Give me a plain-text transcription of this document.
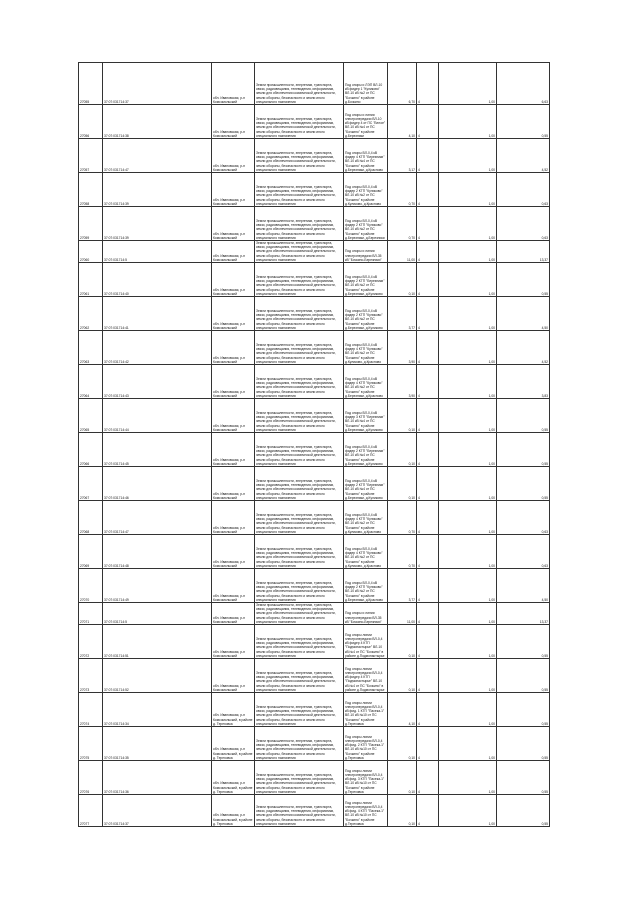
27055	37:07:031714:37	обл. Ивановская, р-н Комсомольский	Земли промышленности, энергетики, транспорта, связи, радиовещания, телевидения, информатики, земли для обеспечения космической деятельности, земли обороны, безопасности и земли иного специального назначения	Под опоры и ЛЭП ВЛ-10 кВ фидер 1 "Куликово" ВЛ-10 кВ №2 от ПС "Бочкино" в районе д.Бочкино	6,70	4	1,00	6,63
27056	37:07:031714:38	обл. Ивановская, р-н Комсомольский	Земли промышленности, энергетики, транспорта, связи, радиовещания, телевидения, информатики, земли для обеспечения космической деятельности, земли обороны, безопасности и земли иного специального назначения	Под опоры и линии электропередачи ВЛ-10 кВ фидер 4 от ПС "Белое" ВЛ-10 кВ №4 от ПС "Бочкино" в районе д.Березники	4,10	4	1,00	0,55
27057	37:07:031714:47	обл. Ивановская, р-н Комсомольский	Земли промышленности, энергетики, транспорта, связи, радиовещания, телевидения, информатики, земли для обеспечения космической деятельности, земли обороны, безопасности и земли иного специального назначения	Под опоры ВЛ-0,4 кВ фидер 4 КТП "Березники" ВЛ-10 кВ №4 от ПС "Бочкино" в районе д.Березники, д.Красново	3,17	4	1,00	4,52
27058	37:07:031714:39	обл. Ивановская, р-н Комсомольский	Земли промышленности, энергетики, транспорта, связи, радиовещания, телевидения, информатики, земли для обеспечения космической деятельности, земли обороны, безопасности и земли иного специального назначения	Под опоры ВЛ-0,4 кВ фидер 2 КТП "Куликово" ВЛ-10 кВ №2 от ПС "Бочкино" в районе д.Куликово, д.Красново	0,70	4	1,00	0,63
27059	37:07:031714:39	обл. Ивановская, р-н Комсомольский	Земли промышленности, энергетики, транспорта, связи, радиовещания, телевидения, информатики, земли для обеспечения космической деятельности, земли обороны, безопасности и земли иного специального назначения	Под опоры ВЛ-0,4 кВ фидер 2 КТП "Куликово" ВЛ-10 кВ №2 от ПС "Бочкино" в районе д.Березники, д.Березники	0,70	4	1,00	0,63
27060	37:07:031714:5	обл. Ивановская, р-н Комсомольский	Земли промышленности, энергетики, транспорта, связи, радиовещания, телевидения, информатики, земли для обеспечения космической деятельности, земли обороны, безопасности и земли иного специального назначения	Под опоры и линии электропередачи ВЛ-35 кВ "Бочкино-Березники"	11,00	4	1,00	13,37
27061	37:07:031714:40	обл. Ивановская, р-н Комсомольский	Земли промышленности, энергетики, транспорта, связи, радиовещания, телевидения, информатики, земли для обеспечения космической деятельности, земли обороны, безопасности и земли иного специального назначения	Под опоры ВЛ-0,4 кВ фидер 2 КТП "Березники" ВЛ-10 кВ №2 от ПС "Бочкино" в районе д.Березники, д.Куликово	0,10	4	1,00	0,55
27062	37:07:031714:41	обл. Ивановская, р-н Комсомольский	Земли промышленности, энергетики, транспорта, связи, радиовещания, телевидения, информатики, земли для обеспечения космической деятельности, земли обороны, безопасности и земли иного специального назначения	Под опоры ВЛ-0,4 кВ фидер 2 КТП "Куликово" ВЛ-10 кВ №2 от ПС "Бочкино" в районе д.Березники, д.Куликово	3,77	4	1,00	4,50
27063	37:07:031714:42	обл. Ивановская, р-н Комсомольский	Земли промышленности, энергетики, транспорта, связи, радиовещания, телевидения, информатики, земли для обеспечения космической деятельности, земли обороны, безопасности и земли иного специального назначения	Под опоры ВЛ-0,4 кВ фидер 4 КТП "Куликово" ВЛ-10 кВ №2 от ПС "Бочкино" в районе д.Куликово, д.Красново	3,90	4	1,00	4,52
27064	37:07:031714:43	обл. Ивановская, р-н Комсомольский	Земли промышленности, энергетики, транспорта, связи, радиовещания, телевидения, информатики, земли для обеспечения космической деятельности, земли обороны, безопасности и земли иного специального назначения	Под опоры ВЛ-0,4 кВ фидер 4 КТП "Куликово" ВЛ-10 кВ №2 от ПС "Бочкино" в районе д.Березники, д.Красново	3,90	4	1,00	3,83
27065	37:07:031714:44	обл. Ивановская, р-н Комсомольский	Земли промышленности, энергетики, транспорта, связи, радиовещания, телевидения, информатики, земли для обеспечения космической деятельности, земли обороны, безопасности и земли иного специального назначения	Под опоры ВЛ-0,4 кВ фидер 3 КТП "Березники" ВЛ-10 кВ №4 от ПС "Бочкино" в районе д.Березники, д.Куликово	0,10	4	1,00	0,55
27066	37:07:031714:45	обл. Ивановская, р-н Комсомольский	Земли промышленности, энергетики, транспорта, связи, радиовещания, телевидения, информатики, земли для обеспечения космической деятельности, земли обороны, безопасности и земли иного специального назначения	Под опоры ВЛ-0,4 кВ фидер 2 КТП "Березники" ВЛ-10 кВ №4 от ПС "Бочкино" в районе д.Березники, д.Куликово	0,10	4	1,00	0,55
27067	37:07:031714:46	обл. Ивановская, р-н Комсомольский	Земли промышленности, энергетики, транспорта, связи, радиовещания, телевидения, информатики, земли для обеспечения космической деятельности, земли обороны, безопасности и земли иного специального назначения	Под опоры ВЛ-0,4 кВ фидер 2 КТП "Березники" ВЛ-10 кВ №4 от ПС "Бочкино" в районе д.Березники, д.Куликово	0,10	4	1,00	0,55
27068	37:07:031714:47	обл. Ивановская, р-н Комсомольский	Земли промышленности, энергетики, транспорта, связи, радиовещания, телевидения, информатики, земли для обеспечения космической деятельности, земли обороны, безопасности и земли иного специального назначения	Под опоры ВЛ-0,4 кВ фидер 4 КТП "Куликово" ВЛ-10 кВ №2 от ПС "Бочкино" в районе д.Куликово, д.Красново	0,70	4	1,00	0,63
27069	37:07:031714:48	обл. Ивановская, р-н Комсомольский	Земли промышленности, энергетики, транспорта, связи, радиовещания, телевидения, информатики, земли для обеспечения космической деятельности, земли обороны, безопасности и земли иного специального назначения	Под опоры ВЛ-0,4 кВ фидер 4 КТП "Куликово" ВЛ-10 кВ №2 от ПС "Бочкино" в районе д.Куликово, д.Красново	0,70	4	1,00	0,63
27070	37:07:031714:49	обл. Ивановская, р-н Комсомольский	Земли промышленности, энергетики, транспорта, связи, радиовещания, телевидения, информатики, земли для обеспечения космической деятельности, земли обороны, безопасности и земли иного специального назначения	Под опоры ВЛ-0,4 кВ фидер 2 КТП "Куликово" ВЛ-10 кВ №2 от ПС "Бочкино" в районе д.Березники, д.Красново	3,77	4	1,00	4,50
27071	37:07:031714:5	обл. Ивановская, р-н Комсомольский	Земли промышленности, энергетики, транспорта, связи, радиовещания, телевидения, информатики, земли для обеспечения космической деятельности, земли обороны, безопасности и земли иного специального назначения	Под опоры и линии электропередачи ВЛ-35 кВ "Бочкино-Березники"	11,00	4	1,00	13,37
27072	37:07:031714:51	обл. Ивановская, р-н Комсомольский	Земли промышленности, энергетики, транспорта, связи, радиовещания, телевидения, информатики, земли для обеспечения космической деятельности, земли обороны, безопасности и земли иного специального назначения	Под опоры линии электропередачи ВЛ-0,4 кВ фидер 4 КТП "Подмонастырье" ВЛ-10 кВ №4 от ПС "Бочкино" в районе д.Подмонастырье	0,10	4	1,00	0,55
27073	37:07:031714:52	обл. Ивановская, р-н Комсомольский	Земли промышленности, энергетики, транспорта, связи, радиовещания, телевидения, информатики, земли для обеспечения космической деятельности, земли обороны, безопасности и земли иного специального назначения	Под опоры линии электропередачи ВЛ-0,4 кВ фидер 4 КТП "Подмонастырье" ВЛ-10 кВ №4 от ПС "Бочкино" в районе д.Подмонастырье	0,10	4	1,00	0,55
27074	37:07:031714:34	обл. Ивановская, р-н Комсомольский, в районе д. Тереховка	Земли промышленности, энергетики, транспорта, связи, радиовещания, телевидения, информатики, земли для обеспечения космической деятельности, земли обороны, безопасности и земли иного специального назначения	Под опоры линии электропередачи ВЛ-0,4 кВ фид. 1 КТП "Пасека-1" ВЛ-10 кВ №10 от ПС "Бочкино" в районе д.Тереховка	4,10	4	1,00	0,55
27075	37:07:031714:35	обл. Ивановская, р-н Комсомольский, в районе д. Тереховка	Земли промышленности, энергетики, транспорта, связи, радиовещания, телевидения, информатики, земли для обеспечения космической деятельности, земли обороны, безопасности и земли иного специального назначения	Под опоры линии электропередачи ВЛ-0,4 кВ фид. 2 КТП "Пасека-1" ВЛ-10 кВ №10 от ПС "Бочкино" в районе д.Тереховка	0,10	4	1,00	0,55
27076	37:07:031714:36	обл. Ивановская, р-н Комсомольский, в районе д. Тереховка	Земли промышленности, энергетики, транспорта, связи, радиовещания, телевидения, информатики, земли для обеспечения космической деятельности, земли обороны, безопасности и земли иного специального назначения	Под опоры линии электропередачи ВЛ-0,4 кВ фид. 3 КТП "Пасека-1" ВЛ-10 кВ №10 от ПС "Бочкино" в районе д.Тереховка	0,10	4	1,00	0,55
27077	37:07:031714:37	обл. Ивановская, р-н Комсомольский, в районе д. Тереховка	Земли промышленности, энергетики, транспорта, связи, радиовещания, телевидения, информатики, земли для обеспечения космической деятельности, земли обороны, безопасности и земли иного специального назначения	Под опоры линии электропередачи ВЛ-0,4 кВ фид. 4 КТП "Пасека-1" ВЛ-10 кВ №10 от ПС "Бочкино" в районе д.Тереховка	0,10	4	1,00	0,55
